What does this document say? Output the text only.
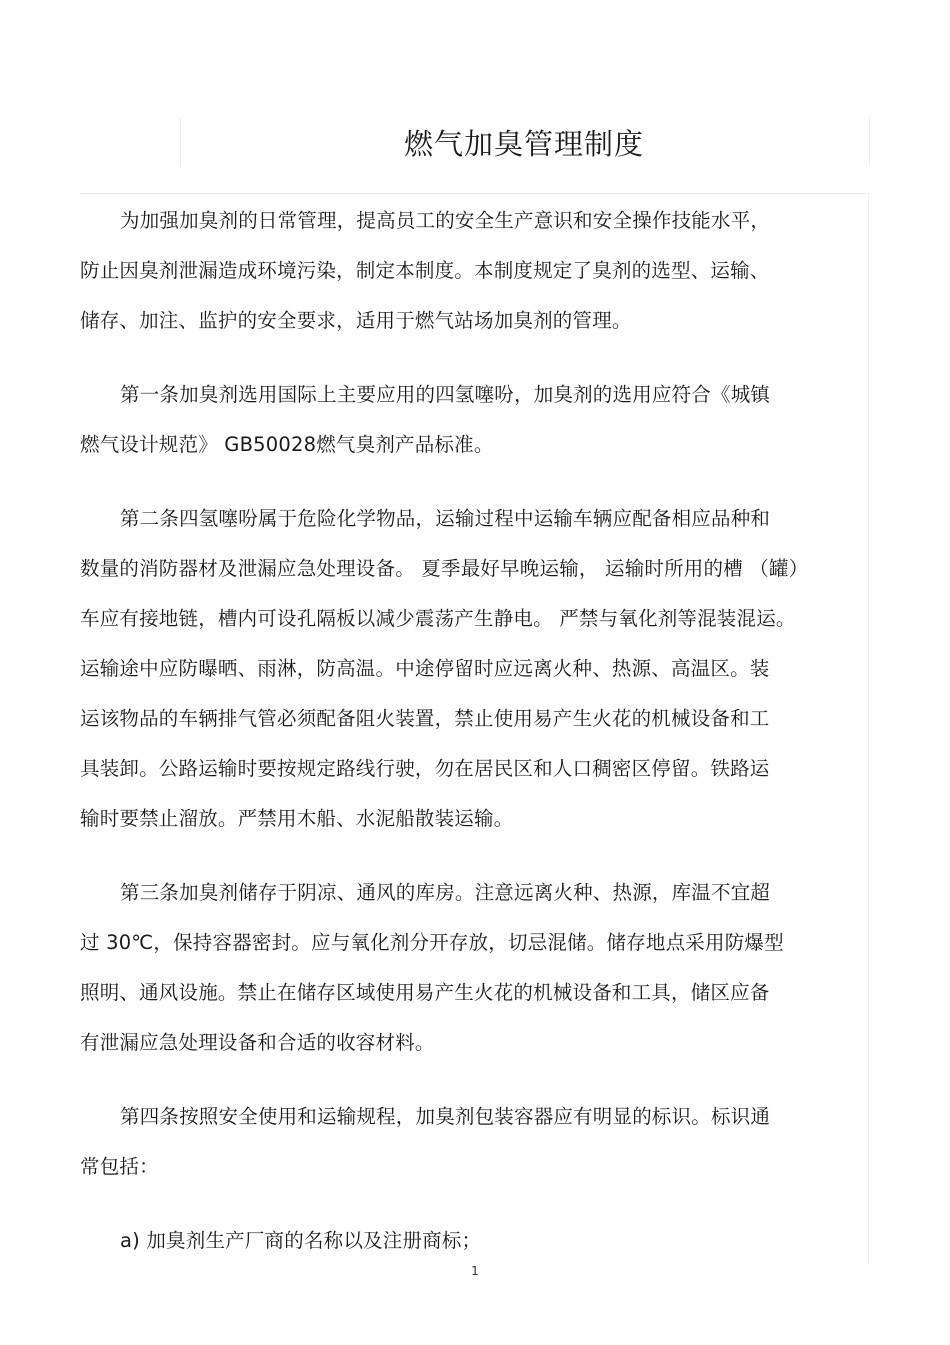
燃气加臭管理制度

为加强加臭剂的日常管理，提高员工的安全生产意识和安全操作技能水平，
防止因臭剂泄漏造成环境污染，制定本制度。本制度规定了臭剂的选型、运输、
储存、加注、监护的安全要求，适用于燃气站场加臭剂的管理。

第一条加臭剂选用国际上主要应用的四氢噻吩，加臭剂的选用应符合《城镇
燃气设计规范》 GB50028燃气臭剂产品标准。

第二条四氢噻吩属于危险化学物品，运输过程中运输车辆应配备相应品种和
数量的消防器材及泄漏应急处理设备。 夏季最好早晚运输， 运输时所用的槽 （罐）
车应有接地链，槽内可设孔隔板以减少震荡产生静电。 严禁与氧化剂等混装混运。
运输途中应防曝晒、雨淋，防高温。中途停留时应远离火种、热源、高温区。装
运该物品的车辆排气管必须配备阻火装置，禁止使用易产生火花的机械设备和工
具装卸。公路运输时要按规定路线行驶，勿在居民区和人口稠密区停留。铁路运
输时要禁止溜放。严禁用木船、水泥船散装运输。

第三条加臭剂储存于阴凉、通风的库房。注意远离火种、热源，库温不宜超
过 30℃，保持容器密封。应与氧化剂分开存放，切忌混储。储存地点采用防爆型
照明、通风设施。禁止在储存区域使用易产生火花的机械设备和工具，储区应备
有泄漏应急处理设备和合适的收容材料。

第四条按照安全使用和运输规程，加臭剂包装容器应有明显的标识。标识通
常包括：

a) 加臭剂生产厂商的名称以及注册商标；

1
